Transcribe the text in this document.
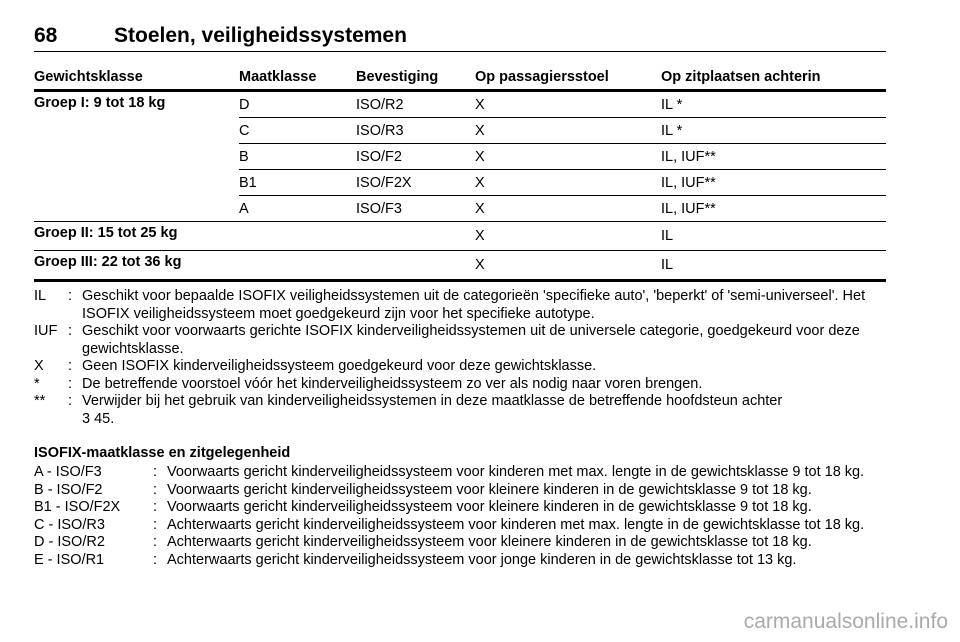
68	Stoelen, veiligheidssystemen
Gewichtsklasse	Maatklasse	Bevestiging	Op passagiersstoel	Op zitplaatsen achterin
Groep I: 9 tot 18 kg	D	ISO/R2	X	IL *
	C	ISO/R3	X	IL *
	B	ISO/F2	X	IL, IUF**
	B1	ISO/F2X	X	IL, IUF**
	A	ISO/F3	X	IL, IUF**
Groep II: 15 tot 25 kg			X	IL
Groep III: 22 tot 36 kg			X	IL
IL	: Geschikt voor bepaalde ISOFIX veiligheidssystemen uit de categorieën 'specifieke auto', 'beperkt' of 'semi-universeel'. Het ISOFIX veiligheidssysteem moet goedgekeurd zijn voor het specifieke autotype.
IUF : Geschikt voor voorwaarts gerichte ISOFIX kinderveiligheidssystemen uit de universele categorie, goedgekeurd voor deze gewichtsklasse.
X	: Geen ISOFIX kinderveiligheidssysteem goedgekeurd voor deze gewichtsklasse.
*	: De betreffende voorstoel vóór het kinderveiligheidssysteem zo ver als nodig naar voren brengen.
**	: Verwijder bij het gebruik van kinderveiligheidssystemen in deze maatklasse de betreffende hoofdsteun achter
3 45.
ISOFIX-maatklasse en zitgelegenheid
A - ISO/F3	: Voorwaarts gericht kinderveiligheidssysteem voor kinderen met max. lengte in de gewichtsklasse 9 tot 18 kg.
B - ISO/F2	: Voorwaarts gericht kinderveiligheidssysteem voor kleinere kinderen in de gewichtsklasse 9 tot 18 kg.
B1 - ISO/F2X	: Voorwaarts gericht kinderveiligheidssysteem voor kleinere kinderen in de gewichtsklasse 9 tot 18 kg.
C - ISO/R3	: Achterwaarts gericht kinderveiligheidssysteem voor kinderen met max. lengte in de gewichtsklasse tot 18 kg.
D - ISO/R2	: Achterwaarts gericht kinderveiligheidssysteem voor kleinere kinderen in de gewichtsklasse tot 18 kg.
E - ISO/R1	: Achterwaarts gericht kinderveiligheidssysteem voor jonge kinderen in de gewichtsklasse tot 13 kg.
carmanualsonline.info
